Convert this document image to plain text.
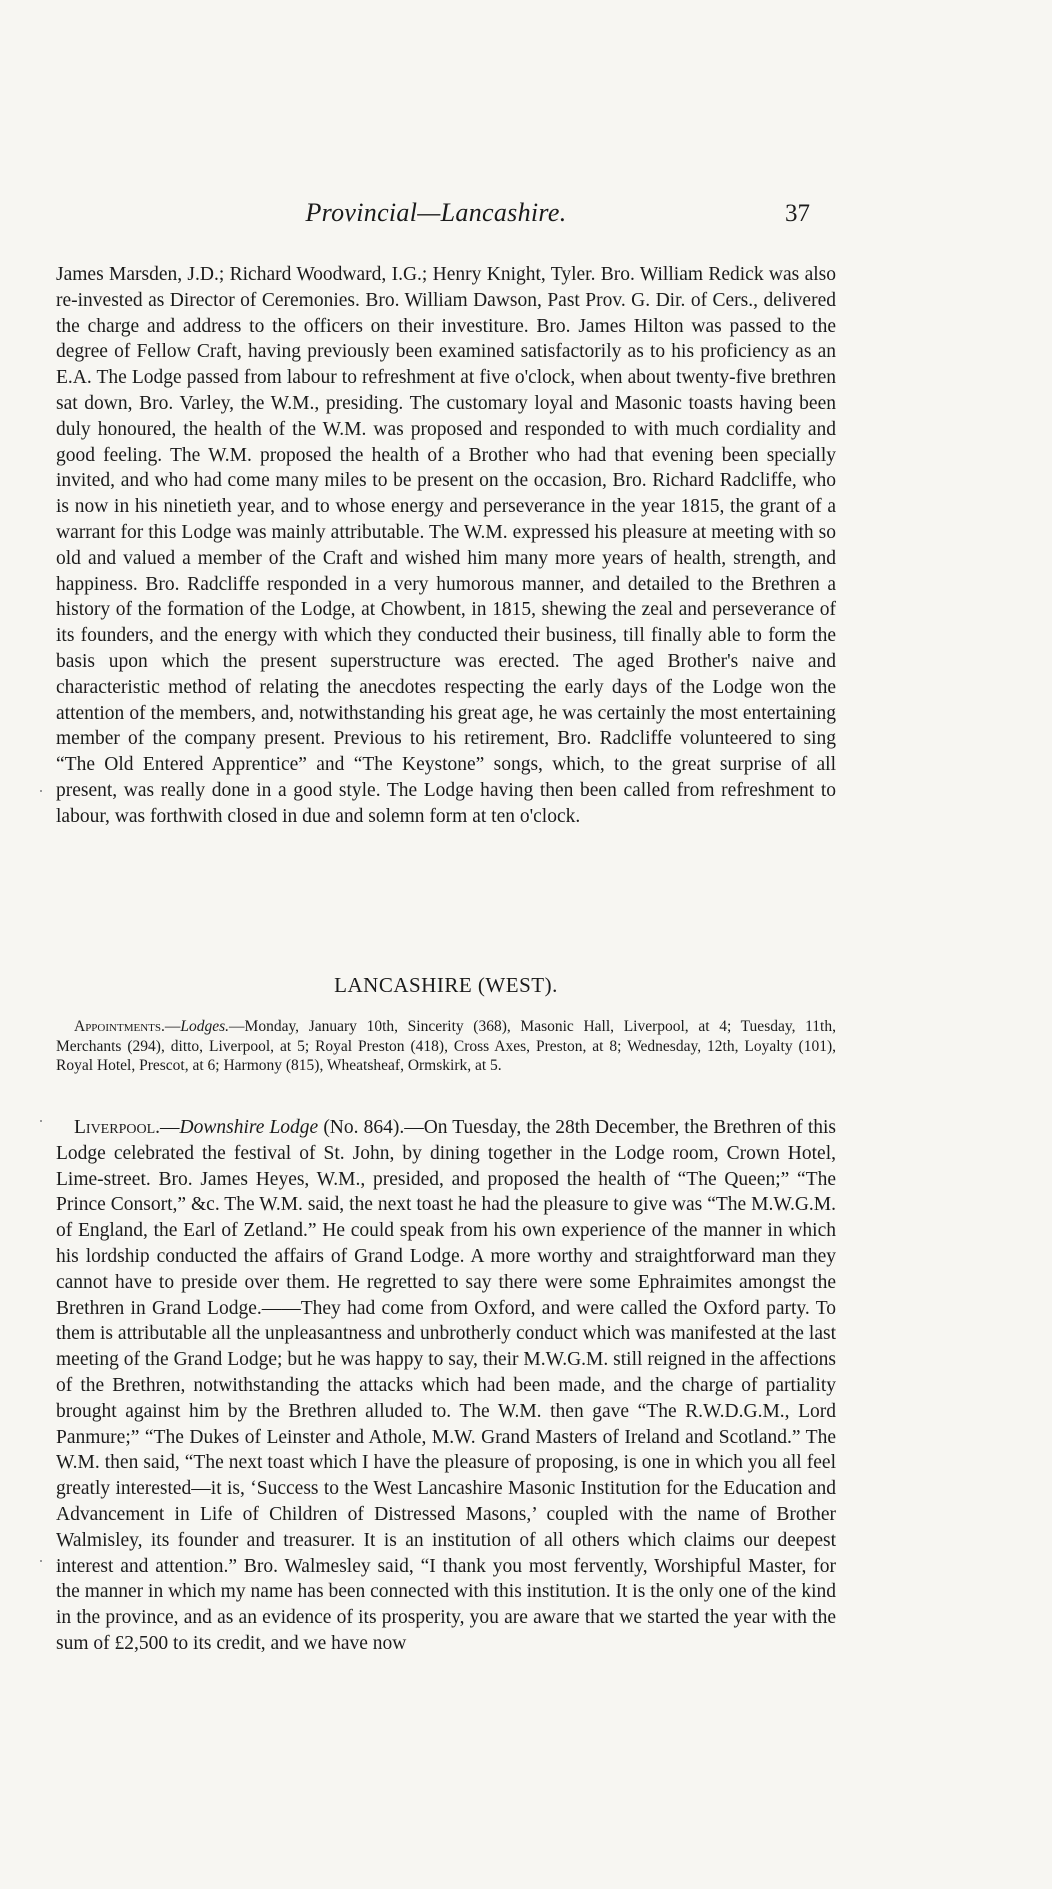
Provincial—Lancashire.	37

James Marsden, J.D.; Richard Woodward, I.G.; Henry Knight, Tyler. Bro. William Redick was also re-invested as Director of Ceremonies. Bro. William Dawson, Past Prov. G. Dir. of Cers., delivered the charge and address to the officers on their investiture. Bro. James Hilton was passed to the degree of Fellow Craft, having previously been examined satisfactorily as to his proficiency as an E.A. The Lodge passed from labour to refreshment at five o'clock, when about twenty-five brethren sat down, Bro. Varley, the W.M., presiding. The customary loyal and Masonic toasts having been duly honoured, the health of the W.M. was proposed and responded to with much cordiality and good feeling. The W.M. proposed the health of a Brother who had that evening been specially invited, and who had come many miles to be present on the occasion, Bro. Richard Radcliffe, who is now in his ninetieth year, and to whose energy and perseverance in the year 1815, the grant of a warrant for this Lodge was mainly attributable. The W.M. expressed his pleasure at meeting with so old and valued a member of the Craft and wished him many more years of health, strength, and happiness. Bro. Radcliffe responded in a very humorous manner, and detailed to the Brethren a history of the formation of the Lodge, at Chowbent, in 1815, shewing the zeal and perseverance of its founders, and the energy with which they conducted their business, till finally able to form the basis upon which the present superstructure was erected. The aged Brother's naive and characteristic method of relating the anecdotes respecting the early days of the Lodge won the attention of the members, and, notwithstanding his great age, he was certainly the most entertaining member of the company present. Previous to his retirement, Bro. Radcliffe volunteered to sing “The Old Entered Apprentice” and “The Keystone” songs, which, to the great surprise of all present, was really done in a good style. The Lodge having then been called from refreshment to labour, was forthwith closed in due and solemn form at ten o'clock.

LANCASHIRE (WEST).

Appointments.—Lodges.—Monday, January 10th, Sincerity (368), Masonic Hall, Liverpool, at 4; Tuesday, 11th, Merchants (294), ditto, Liverpool, at 5; Royal Preston (418), Cross Axes, Preston, at 8; Wednesday, 12th, Loyalty (101), Royal Hotel, Prescot, at 6; Harmony (815), Wheatsheaf, Ormskirk, at 5.

Liverpool.—Downshire Lodge (No. 864).—On Tuesday, the 28th December, the Brethren of this Lodge celebrated the festival of St. John, by dining together in the Lodge room, Crown Hotel, Lime-street. Bro. James Heyes, W.M., presided, and proposed the health of “The Queen;” “The Prince Consort,” &c. The W.M. said, the next toast he had the pleasure to give was “The M.W.G.M. of England, the Earl of Zetland.” He could speak from his own experience of the manner in which his lordship conducted the affairs of Grand Lodge. A more worthy and straightforward man they cannot have to preside over them. He regretted to say there were some Ephraimites amongst the Brethren in Grand Lodge.——They had come from Oxford, and were called the Oxford party. To them is attributable all the unpleasantness and unbrotherly conduct which was manifested at the last meeting of the Grand Lodge; but he was happy to say, their M.W.G.M. still reigned in the affections of the Brethren, notwithstanding the attacks which had been made, and the charge of partiality brought against him by the Brethren alluded to. The W.M. then gave “The R.W.D.G.M., Lord Panmure;” “The Dukes of Leinster and Athole, M.W. Grand Masters of Ireland and Scotland.” The W.M. then said, “The next toast which I have the pleasure of proposing, is one in which you all feel greatly interested—it is, ‘Success to the West Lancashire Masonic Institution for the Education and Advancement in Life of Children of Distressed Masons,’ coupled with the name of Brother Walmisley, its founder and treasurer. It is an institution of all others which claims our deepest interest and attention.” Bro. Walmesley said, “I thank you most fervently, Worshipful Master, for the manner in which my name has been connected with this institution. It is the only one of the kind in the province, and as an evidence of its prosperity, you are aware that we started the year with the sum of £2,500 to its credit, and we have now
